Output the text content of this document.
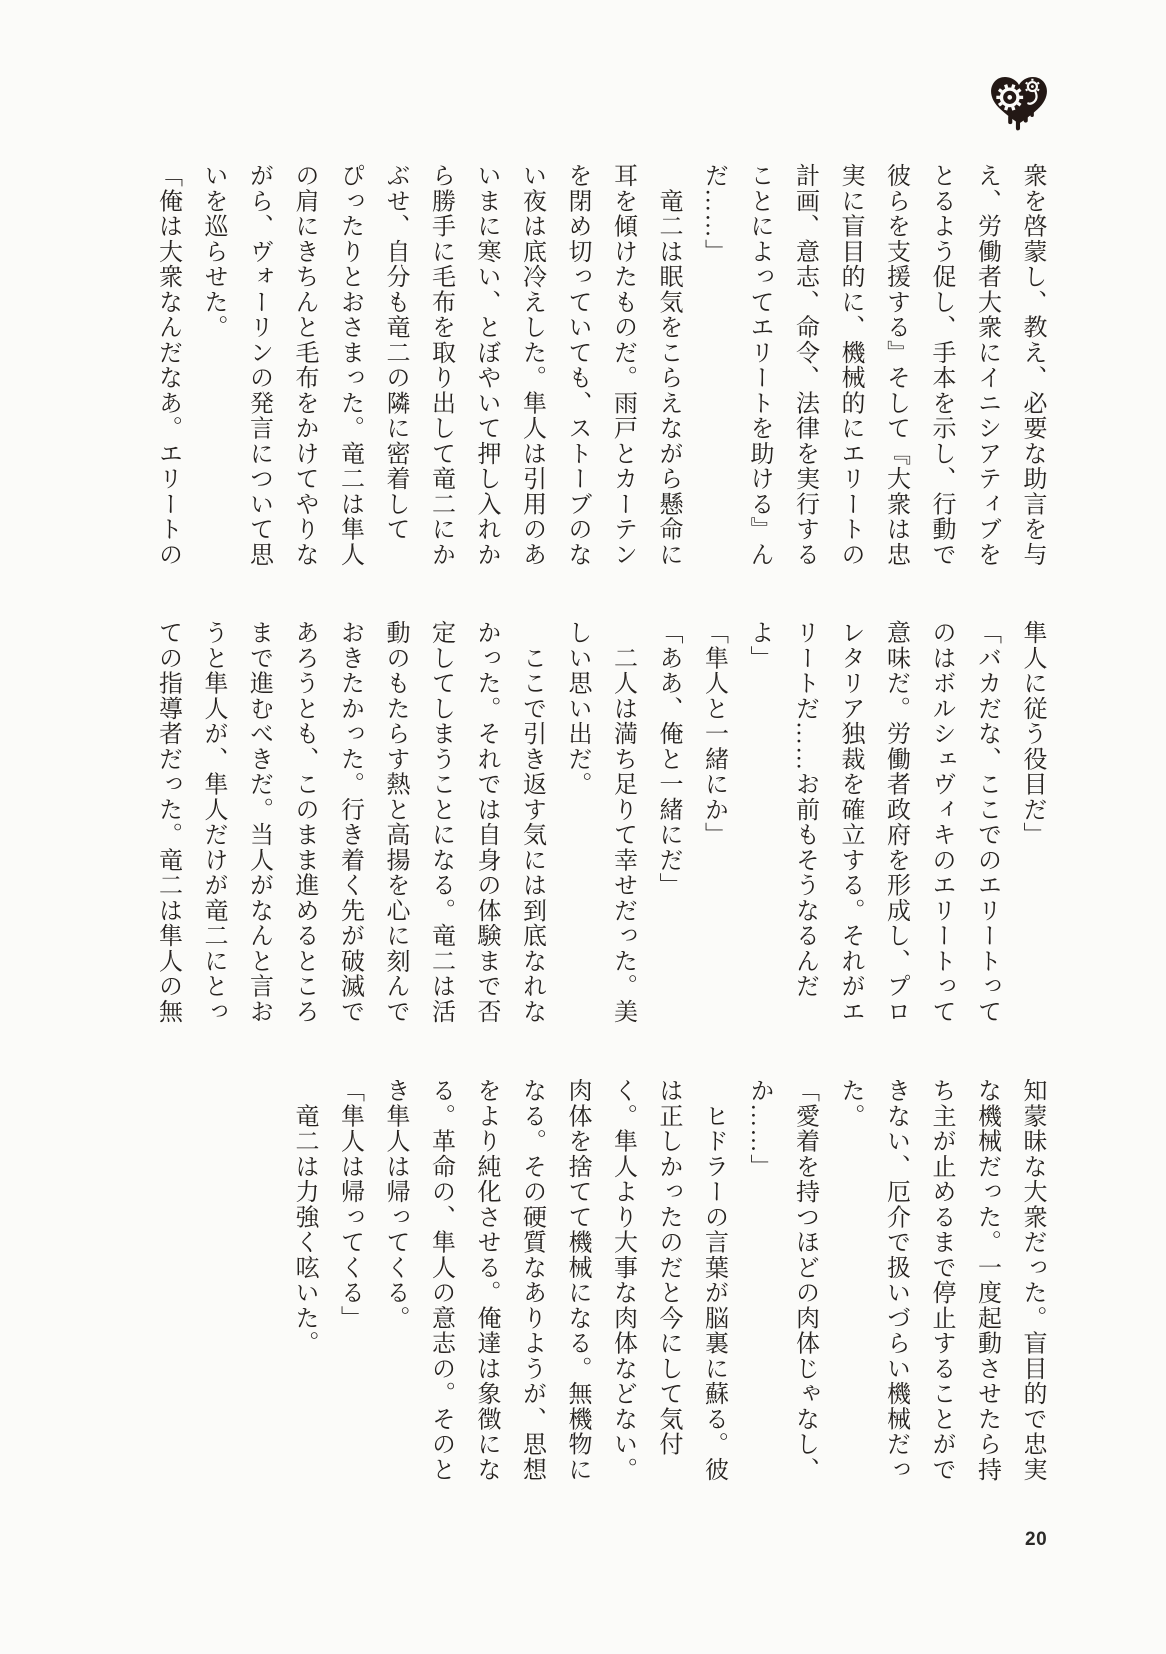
衆を啓蒙し、教え、必要な助言を与
え、労働者大衆にイニシアティブを
とるよう促し、手本を示し、行動で
彼らを支援する』そして『大衆は忠
実に盲目的に、機械的にエリートの
計画、意志、命令、法律を実行する
ことによってエリートを助ける』ん
だ……」
　竜二は眠気をこらえながら懸命に
耳を傾けたものだ。雨戸とカーテン
を閉め切っていても、ストーブのな
い夜は底冷えした。隼人は引用のあ
いまに寒い、とぼやいて押し入れか
ら勝手に毛布を取り出して竜二にか
ぶせ、自分も竜二の隣に密着して
ぴったりとおさまった。竜二は隼人
の肩にきちんと毛布をかけてやりな
がら、ヴォーリンの発言について思
いを巡らせた。
「俺は大衆なんだなあ。エリートの
隼人に従う役目だ」
「バカだな、ここでのエリートって
のはボルシェヴィキのエリートって
意味だ。労働者政府を形成し、プロ
レタリア独裁を確立する。それがエ
リートだ……お前もそうなるんだ
よ」
「隼人と一緒にか」
「ああ、俺と一緒にだ」
　二人は満ち足りて幸せだった。美
しい思い出だ。
　ここで引き返す気には到底なれな
かった。それでは自身の体験まで否
定してしまうことになる。竜二は活
動のもたらす熱と高揚を心に刻んで
おきたかった。行き着く先が破滅で
あろうとも、このまま進めるところ
まで進むべきだ。当人がなんと言お
うと隼人が、隼人だけが竜二にとっ
ての指導者だった。竜二は隼人の無
知蒙昧な大衆だった。盲目的で忠実
な機械だった。一度起動させたら持
ち主が止めるまで停止することがで
きない、厄介で扱いづらい機械だっ
た。
「愛着を持つほどの肉体じゃなし、
か……」
　ヒドラーの言葉が脳裏に蘇る。彼
は正しかったのだと今にして気付
く。隼人より大事な肉体などない。
肉体を捨てて機械になる。無機物に
なる。その硬質なありようが、思想
をより純化させる。俺達は象徴にな
る。革命の、隼人の意志の。そのと
き隼人は帰ってくる。
「隼人は帰ってくる」
　竜二は力強く呟いた。
20
